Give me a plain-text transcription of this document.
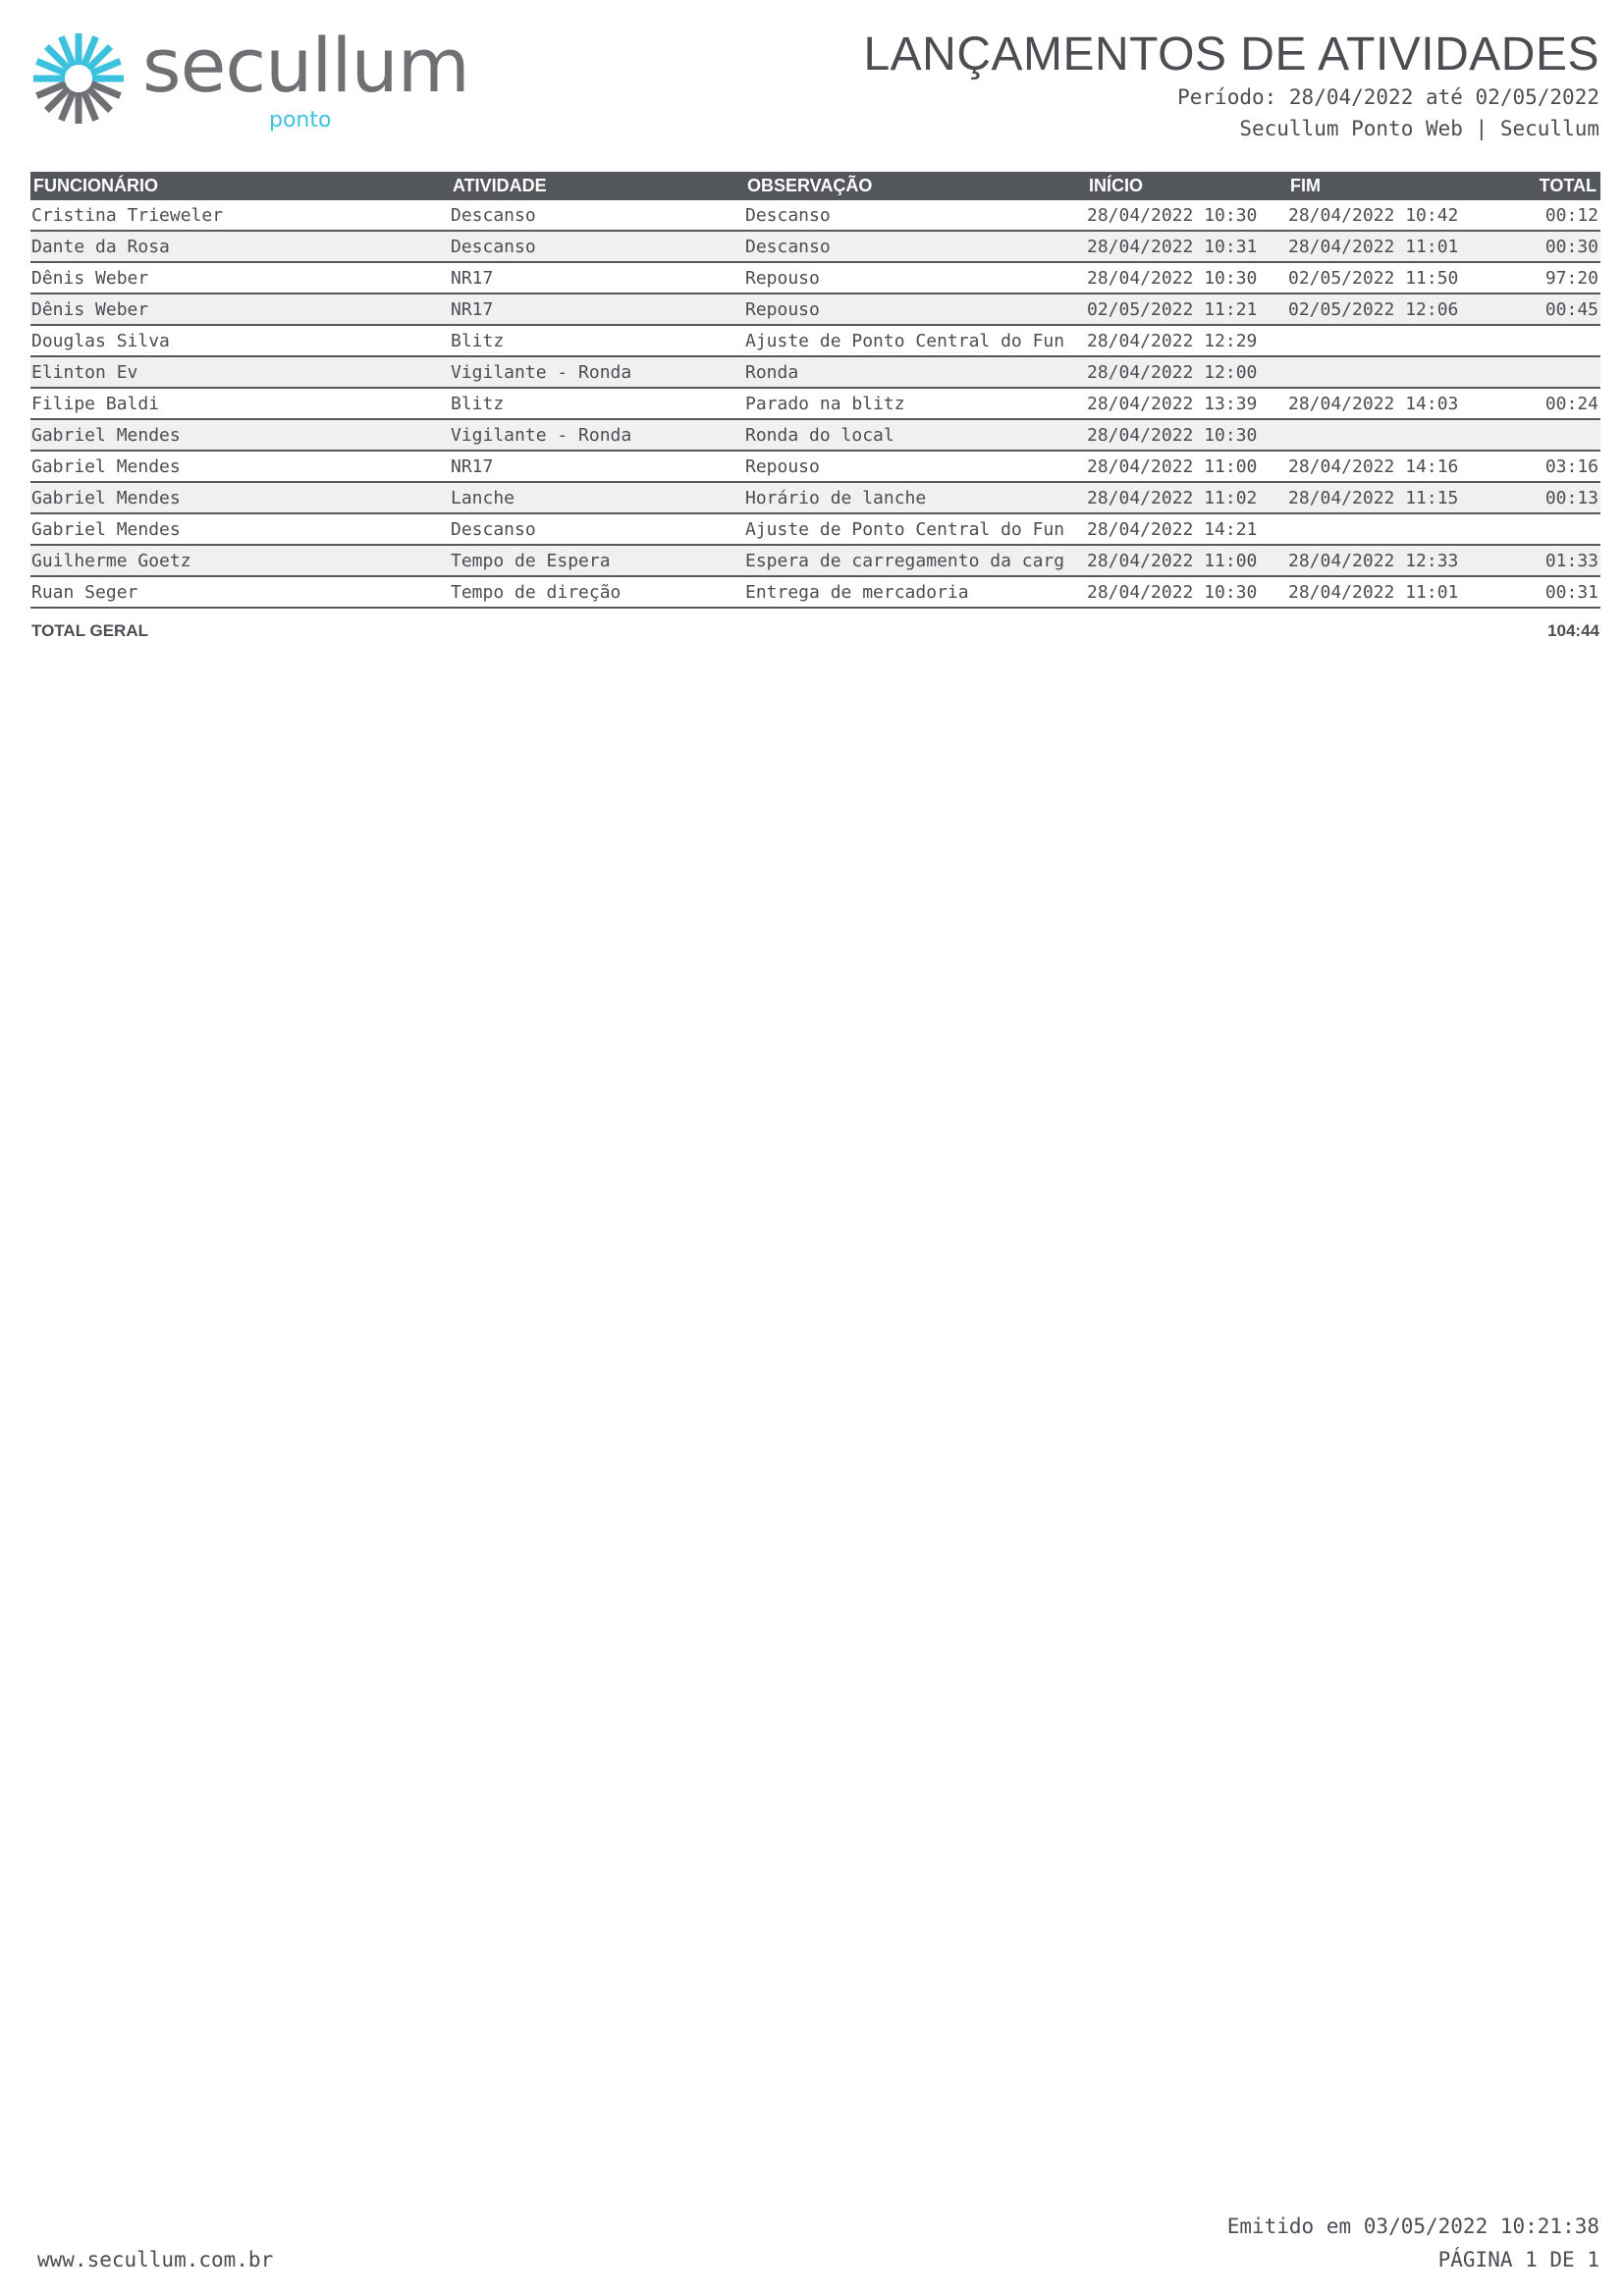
secullum
ponto
LANÇAMENTOS DE ATIVIDADES
Período: 28/04/2022 até 02/05/2022
Secullum Ponto Web | Secullum
FUNCIONÁRIO	ATIVIDADE	OBSERVAÇÃO	INÍCIO	FIM	TOTAL
Cristina Trieweler	Descanso	Descanso	28/04/2022 10:30	28/04/2022 10:42	00:12
Dante da Rosa	Descanso	Descanso	28/04/2022 10:31	28/04/2022 11:01	00:30
Dênis Weber	NR17	Repouso	28/04/2022 10:30	02/05/2022 11:50	97:20
Dênis Weber	NR17	Repouso	02/05/2022 11:21	02/05/2022 12:06	00:45
Douglas Silva	Blitz	Ajuste de Ponto Central do Fun	28/04/2022 12:29		
Elinton Ev	Vigilante - Ronda	Ronda	28/04/2022 12:00		
Filipe Baldi	Blitz	Parado na blitz	28/04/2022 13:39	28/04/2022 14:03	00:24
Gabriel Mendes	Vigilante - Ronda	Ronda do local	28/04/2022 10:30		
Gabriel Mendes	NR17	Repouso	28/04/2022 11:00	28/04/2022 14:16	03:16
Gabriel Mendes	Lanche	Horário de lanche	28/04/2022 11:02	28/04/2022 11:15	00:13
Gabriel Mendes	Descanso	Ajuste de Ponto Central do Fun	28/04/2022 14:21		
Guilherme Goetz	Tempo de Espera	Espera de carregamento da carg	28/04/2022 11:00	28/04/2022 12:33	01:33
Ruan Seger	Tempo de direção	Entrega de mercadoria	28/04/2022 10:30	28/04/2022 11:01	00:31
TOTAL GERAL	104:44
www.secullum.com.br
Emitido em 03/05/2022 10:21:38
PÁGINA 1 DE 1
